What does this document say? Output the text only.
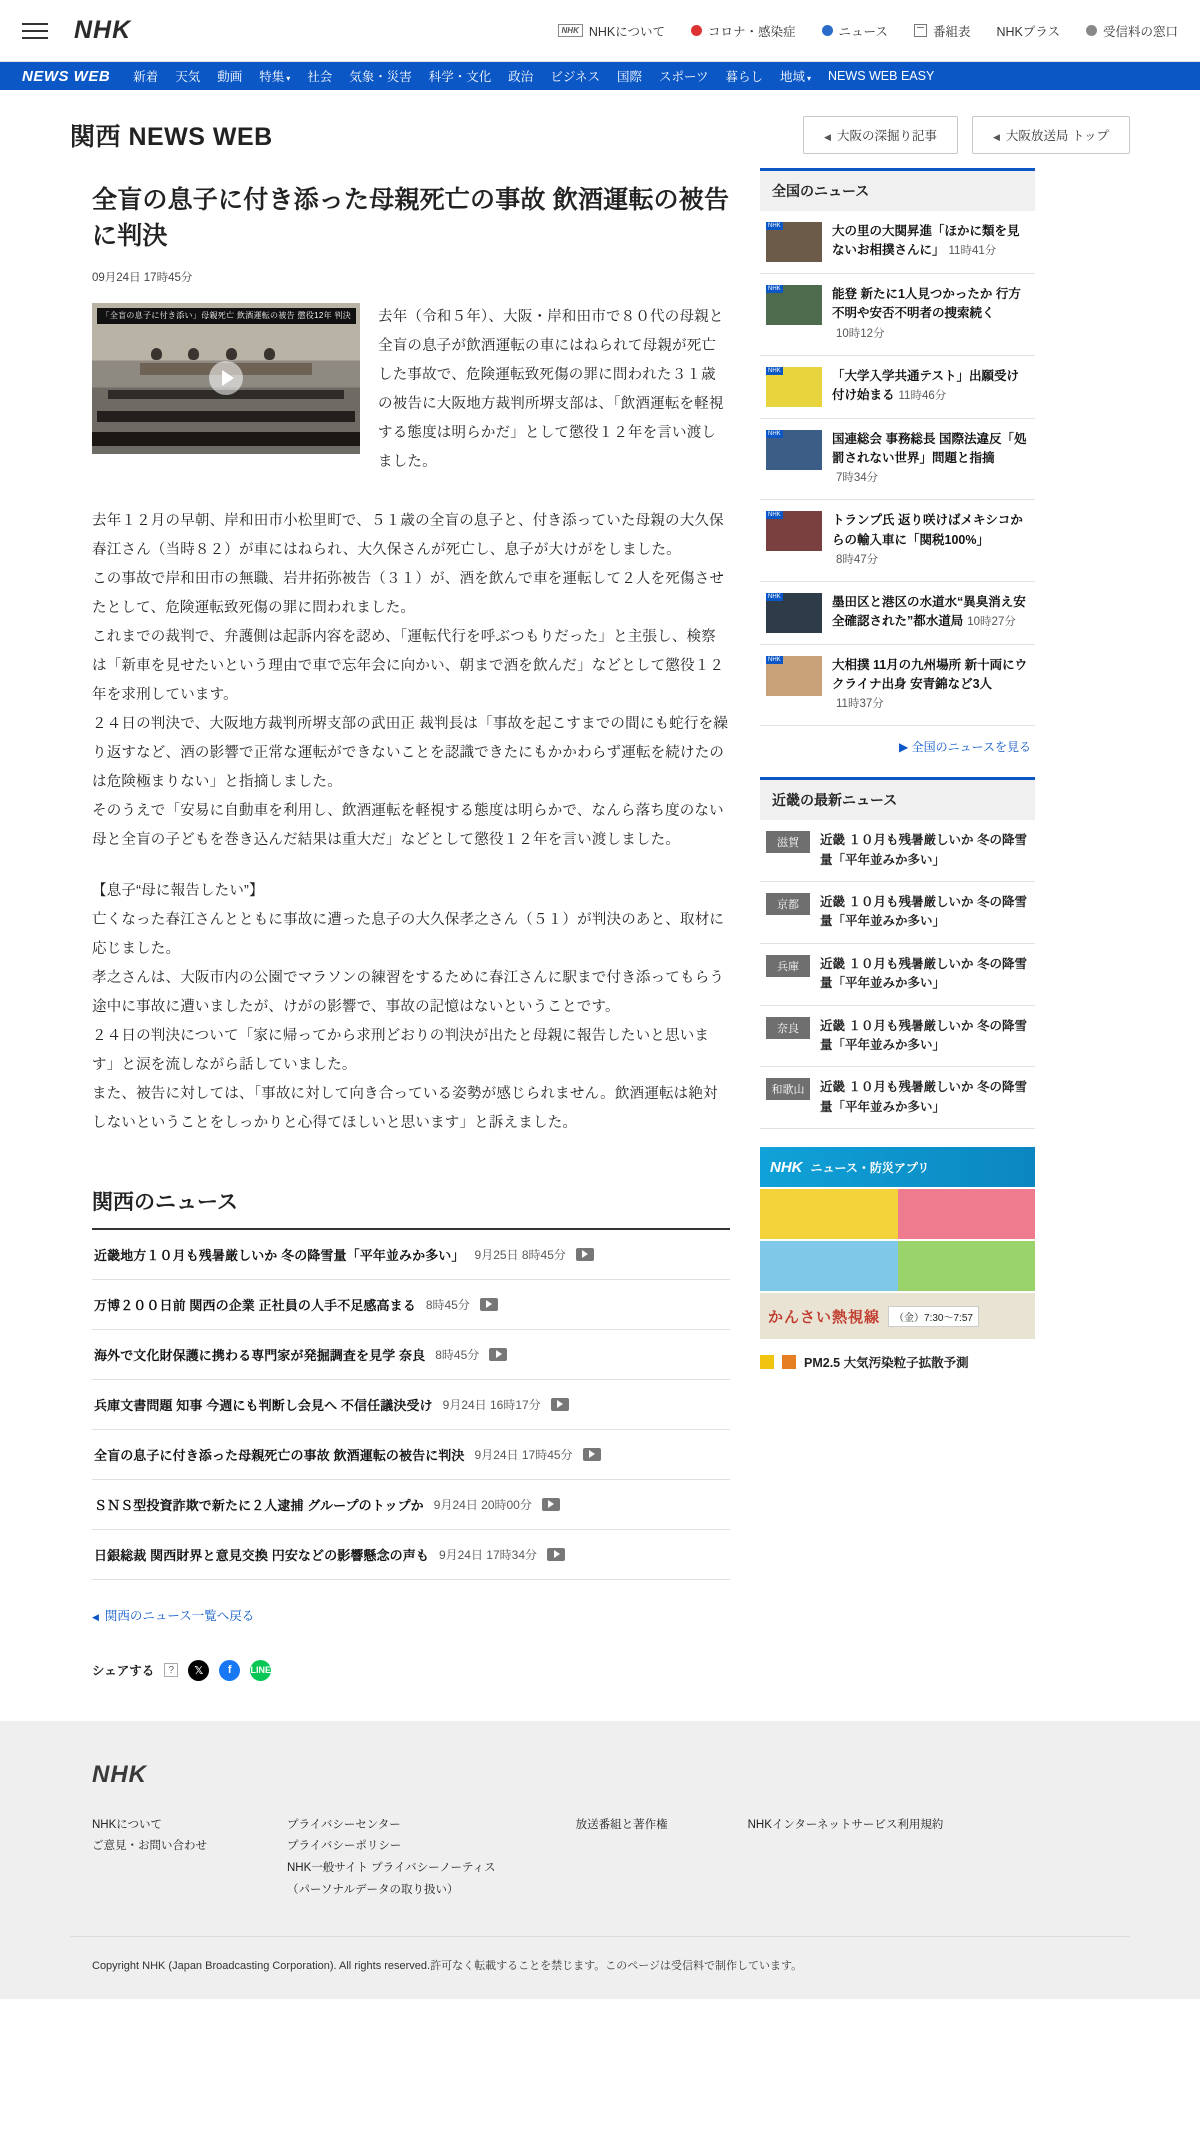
NHK	NHK NHKについて	コロナ・感染症	ニュース	番組表 NHKプラス	受信料の窓口
NEWS WEB 新着 天気 動画 特集 ▾ 社会 気象・災害 科学・文化 政治 ビジネス 国際 スポーツ 暮らし 地域 ▾ NEWS WEB EASY
関西 NEWS WEB	◀ 大阪の深掘り記事	◀ 大阪放送局 トップ
全盲の息子に付き添った母親死亡の事故 飲酒運転の被告に判決
09月24日 17時45分
「全盲の息子に付き添い」母親死亡 飲酒運転の被告 懲役12年 判決	去年（令和５年）、大阪・岸和田市で８０代の母親と全盲の息子が飲酒運転の車にはねられて母親が死亡した事故で、危険運転致死傷の罪に問われた３１歳の被告に大阪地方裁判所堺支部は、「飲酒運転を軽視する態度は明らかだ」として懲役１２年を言い渡しました。

去年１２月の早朝、岸和田市小松里町で、５１歳の全盲の息子と、付き添っていた母親の大久保春江さん（当時８２）が車にはねられ、大久保さんが死亡し、息子が大けがをしました。

この事故で岸和田市の無職、岩井拓弥被告（３１）が、酒を飲んで車を運転して２人を死傷させたとして、危険運転致死傷の罪に問われました。

これまでの裁判で、弁護側は起訴内容を認め、「運転代行を呼ぶつもりだった」と主張し、検察は「新車を見せたいという理由で車で忘年会に向かい、朝まで酒を飲んだ」などとして懲役１２年を求刑しています。

２４日の判決で、大阪地方裁判所堺支部の武田正 裁判長は「事故を起こすまでの間にも蛇行を繰り返すなど、酒の影響で正常な運転ができないことを認識できたにもかかわらず運転を続けたのは危険極まりない」と指摘しました。

そのうえで「安易に自動車を利用し、飲酒運転を軽視する態度は明らかで、なんら落ち度のない母と全盲の子どもを巻き込んだ結果は重大だ」などとして懲役１２年を言い渡しました。

【息子“母に報告したい”】

亡くなった春江さんとともに事故に遭った息子の大久保孝之さん（５１）が判決のあと、取材に応じました。

孝之さんは、大阪市内の公園でマラソンの練習をするために春江さんに駅まで付き添ってもらう途中に事故に遭いましたが、けがの影響で、事故の記憶はないということです。

２４日の判決について「家に帰ってから求刑どおりの判決が出たと母親に報告したいと思います」と涙を流しながら話していました。

また、被告に対しては、「事故に対して向き合っている姿勢が感じられません。飲酒運転は絶対しないということをしっかりと心得てほしいと思います」と訴えました。

関西のニュース
近畿地方１０月も残暑厳しいか 冬の降雪量「平年並みか多い」 9月25日 8時45分
万博２００日前 関西の企業 正社員の人手不足感高まる 8時45分
海外で文化財保護に携わる専門家が発掘調査を見学 奈良 8時45分
兵庫文書問題 知事 今週にも判断し会見へ 不信任議決受け 9月24日 16時17分
全盲の息子に付き添った母親死亡の事故 飲酒運転の被告に判決 9月24日 17時45分
ＳＮＳ型投資詐欺で新たに２人逮捕 グループのトップか 9月24日 20時00分
日銀総裁 関西財界と意見交換 円安などの影響懸念の声も 9月24日 17時34分
◀ 関西のニュース一覧へ戻る
シェアする	?	𝕏	f	LINE
全国のニュース
NHK	大の里の大関昇進「ほかに類を見ないお相撲さんに」 11時41分
NHK	能登 新たに1人見つかったか 行方不明や安否不明者の捜索続く10時12分
NHK	「大学入学共通テスト」出願受け付け始まる 11時46分
NHK	国連総会 事務総長 国際法違反「処罰されない世界」問題と指摘7時34分
NHK	トランプ氏 返り咲けばメキシコからの輸入車に「関税100%」8時47分
NHK	墨田区と港区の水道水“異臭消え安全確認された”都水道局 10時27分
NHK	大相撲 11月の九州場所 新十両にウクライナ出身 安青錦など3人11時37分
▶ 全国のニュースを見る
近畿の最新ニュース
滋賀	近畿 １０月も残暑厳しいか 冬の降雪量「平年並みか多い」
京都	近畿 １０月も残暑厳しいか 冬の降雪量「平年並みか多い」
兵庫	近畿 １０月も残暑厳しいか 冬の降雪量「平年並みか多い」
奈良	近畿 １０月も残暑厳しいか 冬の降雪量「平年並みか多い」
和歌山	近畿 １０月も残暑厳しいか 冬の降雪量「平年並みか多い」
NHK ニュース・防災アプリ
かんさい熱視線	（金）7:30〜7:57
PM2.5 大気汚染粒子拡散予測
NHK
NHKについて
ご意見・お問い合わせ
プライバシーセンター
プライバシーポリシー
NHK一般サイト プライバシーノーティス
（パーソナルデータの取り扱い）
放送番組と著作権	NHKインターネットサービス利用規約
Copyright NHK (Japan Broadcasting Corporation). All rights reserved.許可なく転載することを禁じます。このページは受信料で制作しています。
